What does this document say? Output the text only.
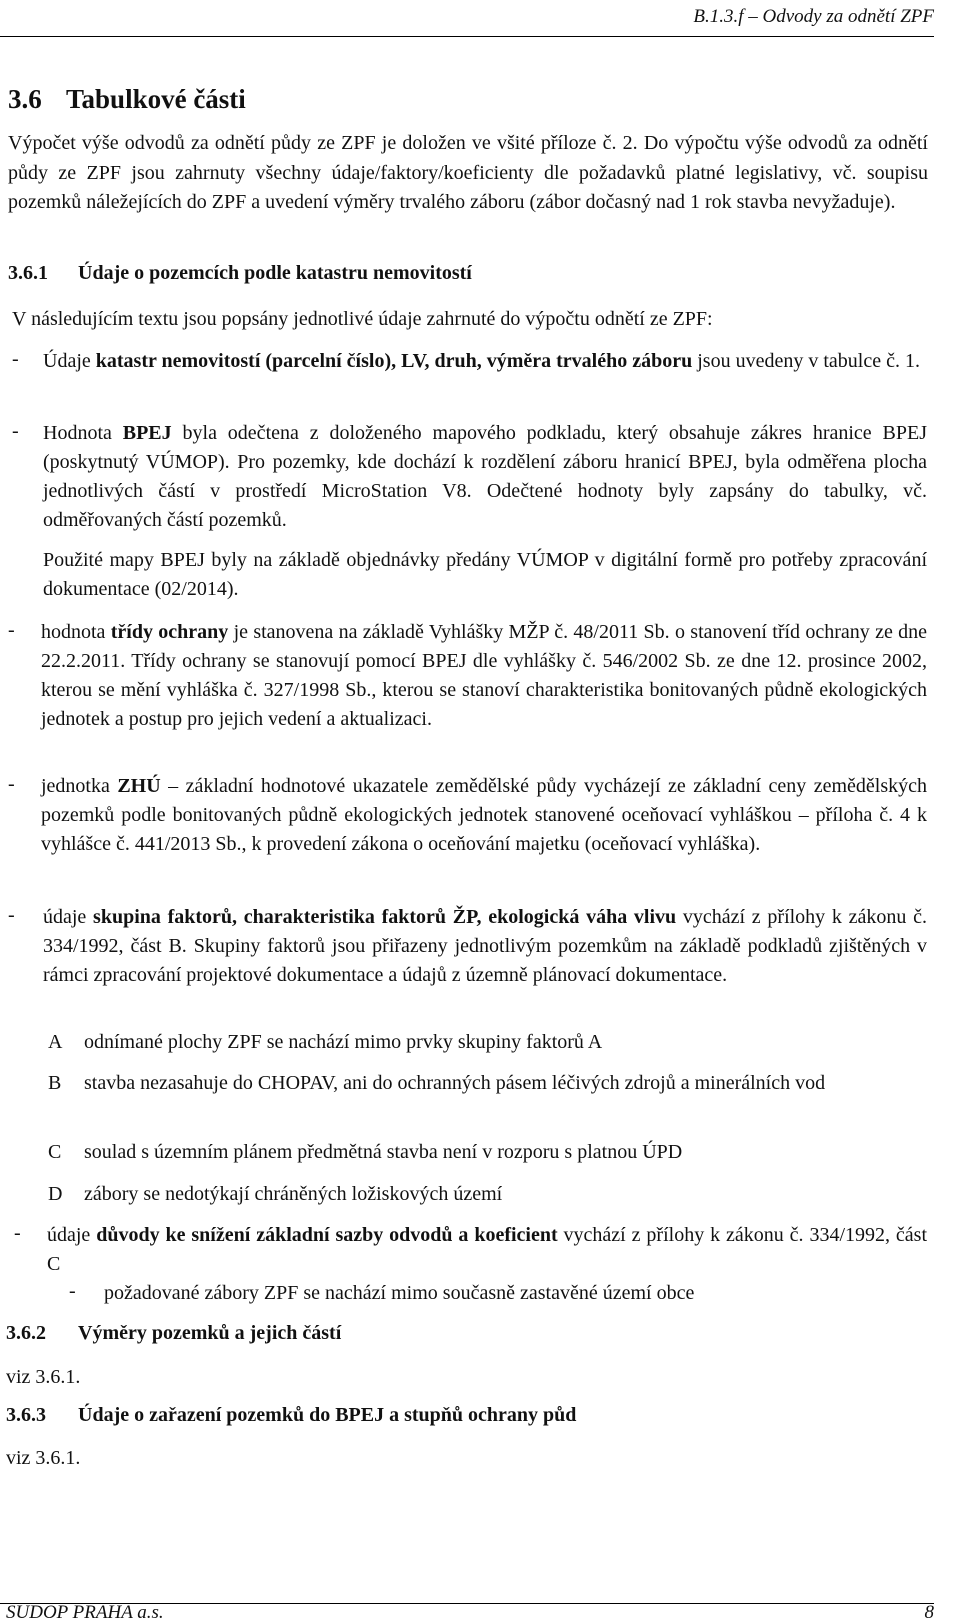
B.1.3.f – Odvody za odnětí ZPF
3.6 Tabulkové části
Výpočet výše odvodů za odnětí půdy ze ZPF je doložen ve všité příloze č. 2. Do výpočtu výše odvodů za odnětí půdy ze ZPF jsou zahrnuty všechny údaje/faktory/koeficienty dle požadavků platné legislativy, vč. soupisu pozemků náležejících do ZPF a uvedení výměry trvalého záboru (zábor dočasný nad 1 rok stavba nevyžaduje).
3.6.1 Údaje o pozemcích podle katastru nemovitostí
V následujícím textu jsou popsány jednotlivé údaje zahrnuté do výpočtu odnětí ze ZPF:
- Údaje katastr nemovitostí (parcelní číslo), LV, druh, výměra trvalého záboru jsou uvedeny v tabulce č. 1.
- Hodnota BPEJ byla odečtena z doloženého mapového podkladu, který obsahuje zákres hranice BPEJ (poskytnutý VÚMOP). Pro pozemky, kde dochází k rozdělení záboru hranicí BPEJ, byla odměřena plocha jednotlivých částí v prostředí MicroStation V8. Odečtené hodnoty byly zapsány do tabulky, vč. odměřovaných částí pozemků.
Použité mapy BPEJ byly na základě objednávky předány VÚMOP v digitální formě pro potřeby zpracování dokumentace (02/2014).
- hodnota třídy ochrany je stanovena na základě Vyhlášky MŽP č. 48/2011 Sb. o stanovení tříd ochrany ze dne 22.2.2011. Třídy ochrany se stanovují pomocí BPEJ dle vyhlášky č. 546/2002 Sb. ze dne 12. prosince 2002, kterou se mění vyhláška č. 327/1998 Sb., kterou se stanoví charakteristika bonitovaných půdně ekologických jednotek a postup pro jejich vedení a aktualizaci.
- jednotka ZHÚ – základní hodnotové ukazatele zemědělské půdy vycházejí ze základní ceny zemědělských pozemků podle bonitovaných půdně ekologických jednotek stanovené oceňovací vyhláškou – příloha č. 4 k vyhlášce č. 441/2013 Sb., k provedení zákona o oceňování majetku (oceňovací vyhláška).
- údaje skupina faktorů, charakteristika faktorů ŽP, ekologická váha vlivu vychází z přílohy k zákonu č. 334/1992, část B. Skupiny faktorů jsou přiřazeny jednotlivým pozemkům na základě podkladů zjištěných v rámci zpracování projektové dokumentace a údajů z územně plánovací dokumentace.
A odnímané plochy ZPF se nachází mimo prvky skupiny faktorů A
B stavba nezasahuje do CHOPAV, ani do ochranných pásem léčivých zdrojů a minerálních vod
C soulad s územním plánem předmětná stavba není v rozporu s platnou ÚPD
D zábory se nedotýkají chráněných ložiskových území
- údaje důvody ke snížení základní sazby odvodů a koeficient vychází z přílohy k zákonu č. 334/1992, část C
- požadované zábory ZPF se nachází mimo současně zastavěné území obce
3.6.2 Výměry pozemků a jejich částí
viz 3.6.1.
3.6.3 Údaje o zařazení pozemků do BPEJ a stupňů ochrany půd
viz 3.6.1.
SUDOP PRAHA a.s.	8
